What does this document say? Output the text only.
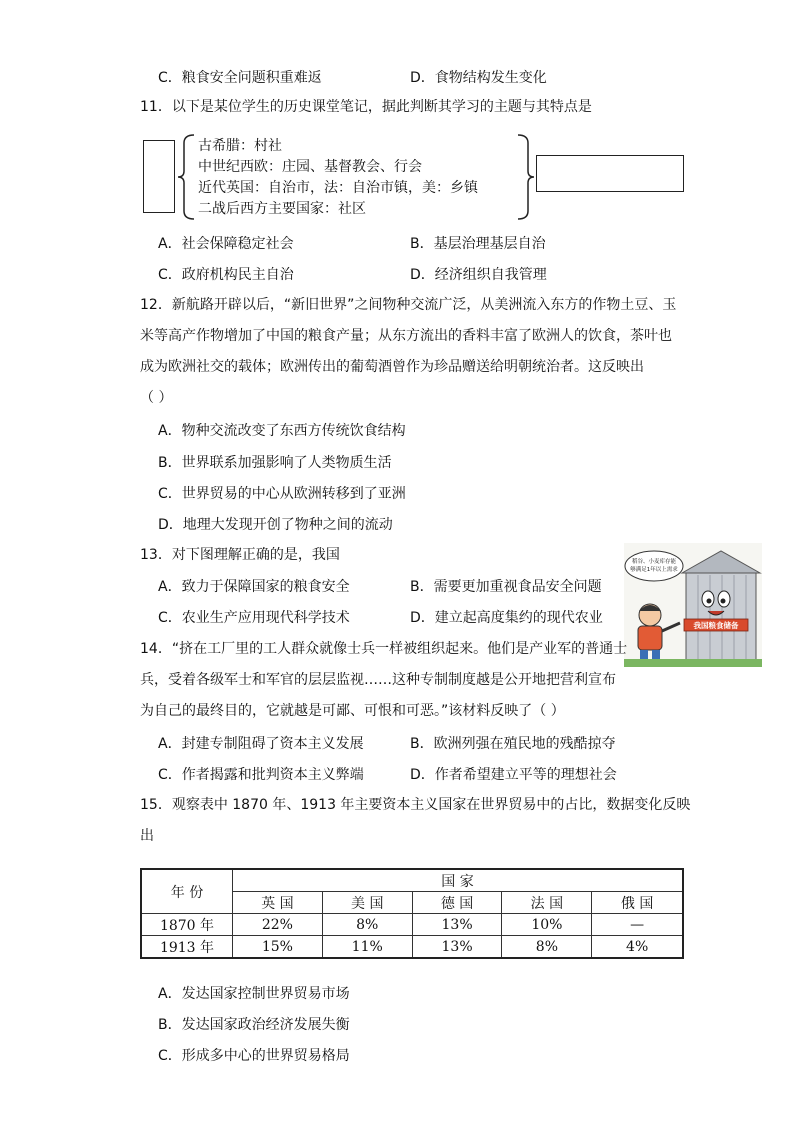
C．粮食安全问题积重难返	D．食物结构发生变化
11．以下是某位学生的历史课堂笔记，据此判断其学习的主题与其特点是
古希腊：村社
中世纪西欧：庄园、基督教会、行会
近代英国：自治市，法：自治市镇，美：乡镇
二战后西方主要国家：社区
A．社会保障稳定社会	B．基层治理基层自治
C．政府机构民主自治	D．经济组织自我管理
12．新航路开辟以后，“新旧世界”之间物种交流广泛，从美洲流入东方的作物土豆、玉
米等高产作物增加了中国的粮食产量；从东方流出的香料丰富了欧洲人的饮食，茶叶也
成为欧洲社交的载体；欧洲传出的葡萄酒曾作为珍品赠送给明朝统治者。这反映出
（ ）
A．物种交流改变了东西方传统饮食结构
B．世界联系加强影响了人类物质生活
C．世界贸易的中心从欧洲转移到了亚洲
D．地理大发现开创了物种之间的流动
13．对下图理解正确的是，我国
A．致力于保障国家的粮食安全	B．需要更加重视食品安全问题
C．农业生产应用现代科学技术	D．建立起高度集约的现代农业
稻谷、小麦库存能
够满足1年以上需求
我国粮食储备
14．“挤在工厂里的工人群众就像士兵一样被组织起来。他们是产业军的普通士
兵，受着各级军士和军官的层层监视……这种专制制度越是公开地把营利宣布
为自己的最终目的，它就越是可鄙、可恨和可恶。”该材料反映了（ ）
A．封建专制阻碍了资本主义发展	B．欧洲列强在殖民地的残酷掠夺
C．作者揭露和批判资本主义弊端	D．作者希望建立平等的理想社会
15．观察表中 1870 年、1913 年主要资本主义国家在世界贸易中的占比，数据变化反映
出
年 份	国 家				
	英 国	美 国	德 国	法 国	俄 国
1870 年	22%	8%	13%	10%	—
1913 年	15%	11%	13%	8%	4%
A．发达国家控制世界贸易市场
B．发达国家政治经济发展失衡
C．形成多中心的世界贸易格局
